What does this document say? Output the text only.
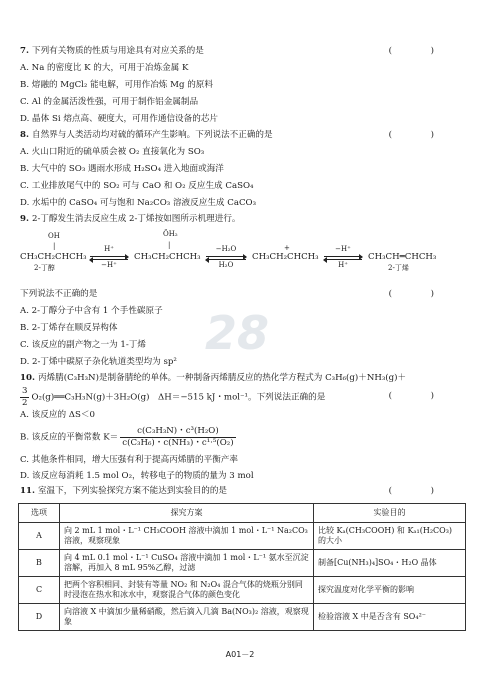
28
7. 下列有关物质的性质与用途具有对应关系的是	( )
A. Na 的密度比 K 的大，可用于冶炼金属 K
B. 熔融的 MgCl₂ 能电解，可用作冶炼 Mg 的原料
C. Al 的金属活泼性强，可用于制作铝金属制品
D. 晶体 Si 熔点高、硬度大，可用作通信设备的芯片
8. 自然界与人类活动均对硫的循环产生影响。下列说法不正确的是	( )
A. 火山口附近的硫单质会被 O₂ 直接氧化为 SO₃
B. 大气中的 SO₃ 遇雨水形成 H₂SO₄ 进入地面或海洋
C. 工业排放尾气中的 SO₂ 可与 CaO 和 O₂ 反应生成 CaSO₄
D. 水垢中的 CaSO₄ 可与饱和 Na₂CO₃ 溶液反应生成 CaCO₃
9. 2-丁醇发生消去反应生成 2-丁烯按如图所示机理进行。
OH
|
CH₃CH₂CHCH₃
2-丁醇
H⁺
−H⁺
ÖH₂
|
CH₃CH₂CHCH₃
−H₂O
H₂O
CH₃CH₂CHCH₃
+	−H⁺
H⁺
CH₃CH═CHCH₃
2-丁烯
下列说法不正确的是	( )
A. 2-丁醇分子中含有 1 个手性碳原子
B. 2-丁烯存在顺反异构体
C. 该反应的副产物之一为 1-丁烯
D. 2-丁烯中碳原子杂化轨道类型均为 sp²
10. 丙烯腈(C₃H₃N)是制备腈纶的单体。一种制备丙烯腈反应的热化学方程式为 C₃H₆(g)＋NH₃(g)＋
$\frac{3}{2}$ O₂(g)══C₃H₃N(g)＋3H₂O(g)　ΔH＝−515 kJ・mol⁻¹。下列说法正确的是	( )
A. 该反应的 ΔS＜0
B. 该反应的平衡常数 $K= \frac{\text{c(C₃H₃N)・c³(H₂O)}}{\text{c(C₃H₆)・c(NH₃)・c¹·⁵(O₂)}}$
C. 其他条件相同，增大压强有利于提高丙烯腈的平衡产率
D. 该反应每消耗 1.5 mol O₂，转移电子的物质的量为 3 mol
11. 室温下，下列实验探究方案不能达到实验目的的是	( )
选项	探究方案	实验目的
A	向 2 mL 1 mol・L⁻¹ CH₃COOH 溶液中滴加 1 mol・L⁻¹ Na₂CO₃ 溶液，观察现象	比较 Kₐ(CH₃COOH) 和 Kₐ₁(H₂CO₃) 的大小
B	向 4 mL 0.1 mol・L⁻¹ CuSO₄ 溶液中滴加 1 mol・L⁻¹ 氨水至沉淀溶解，再加入 8 mL 95%乙醇，过滤	制备[Cu(NH₃)₄]SO₄・H₂O 晶体
C	把两个容积相同、封装有等量 NO₂ 和 N₂O₄ 混合气体的烧瓶分别同时浸泡在热水和冰水中，观察混合气体的颜色变化	探究温度对化学平衡的影响
D	向溶液 X 中滴加少量稀硝酸，然后滴入几滴 Ba(NO₃)₂ 溶液，观察现象	检验溶液 X 中是否含有 SO₄²⁻
A01－2
